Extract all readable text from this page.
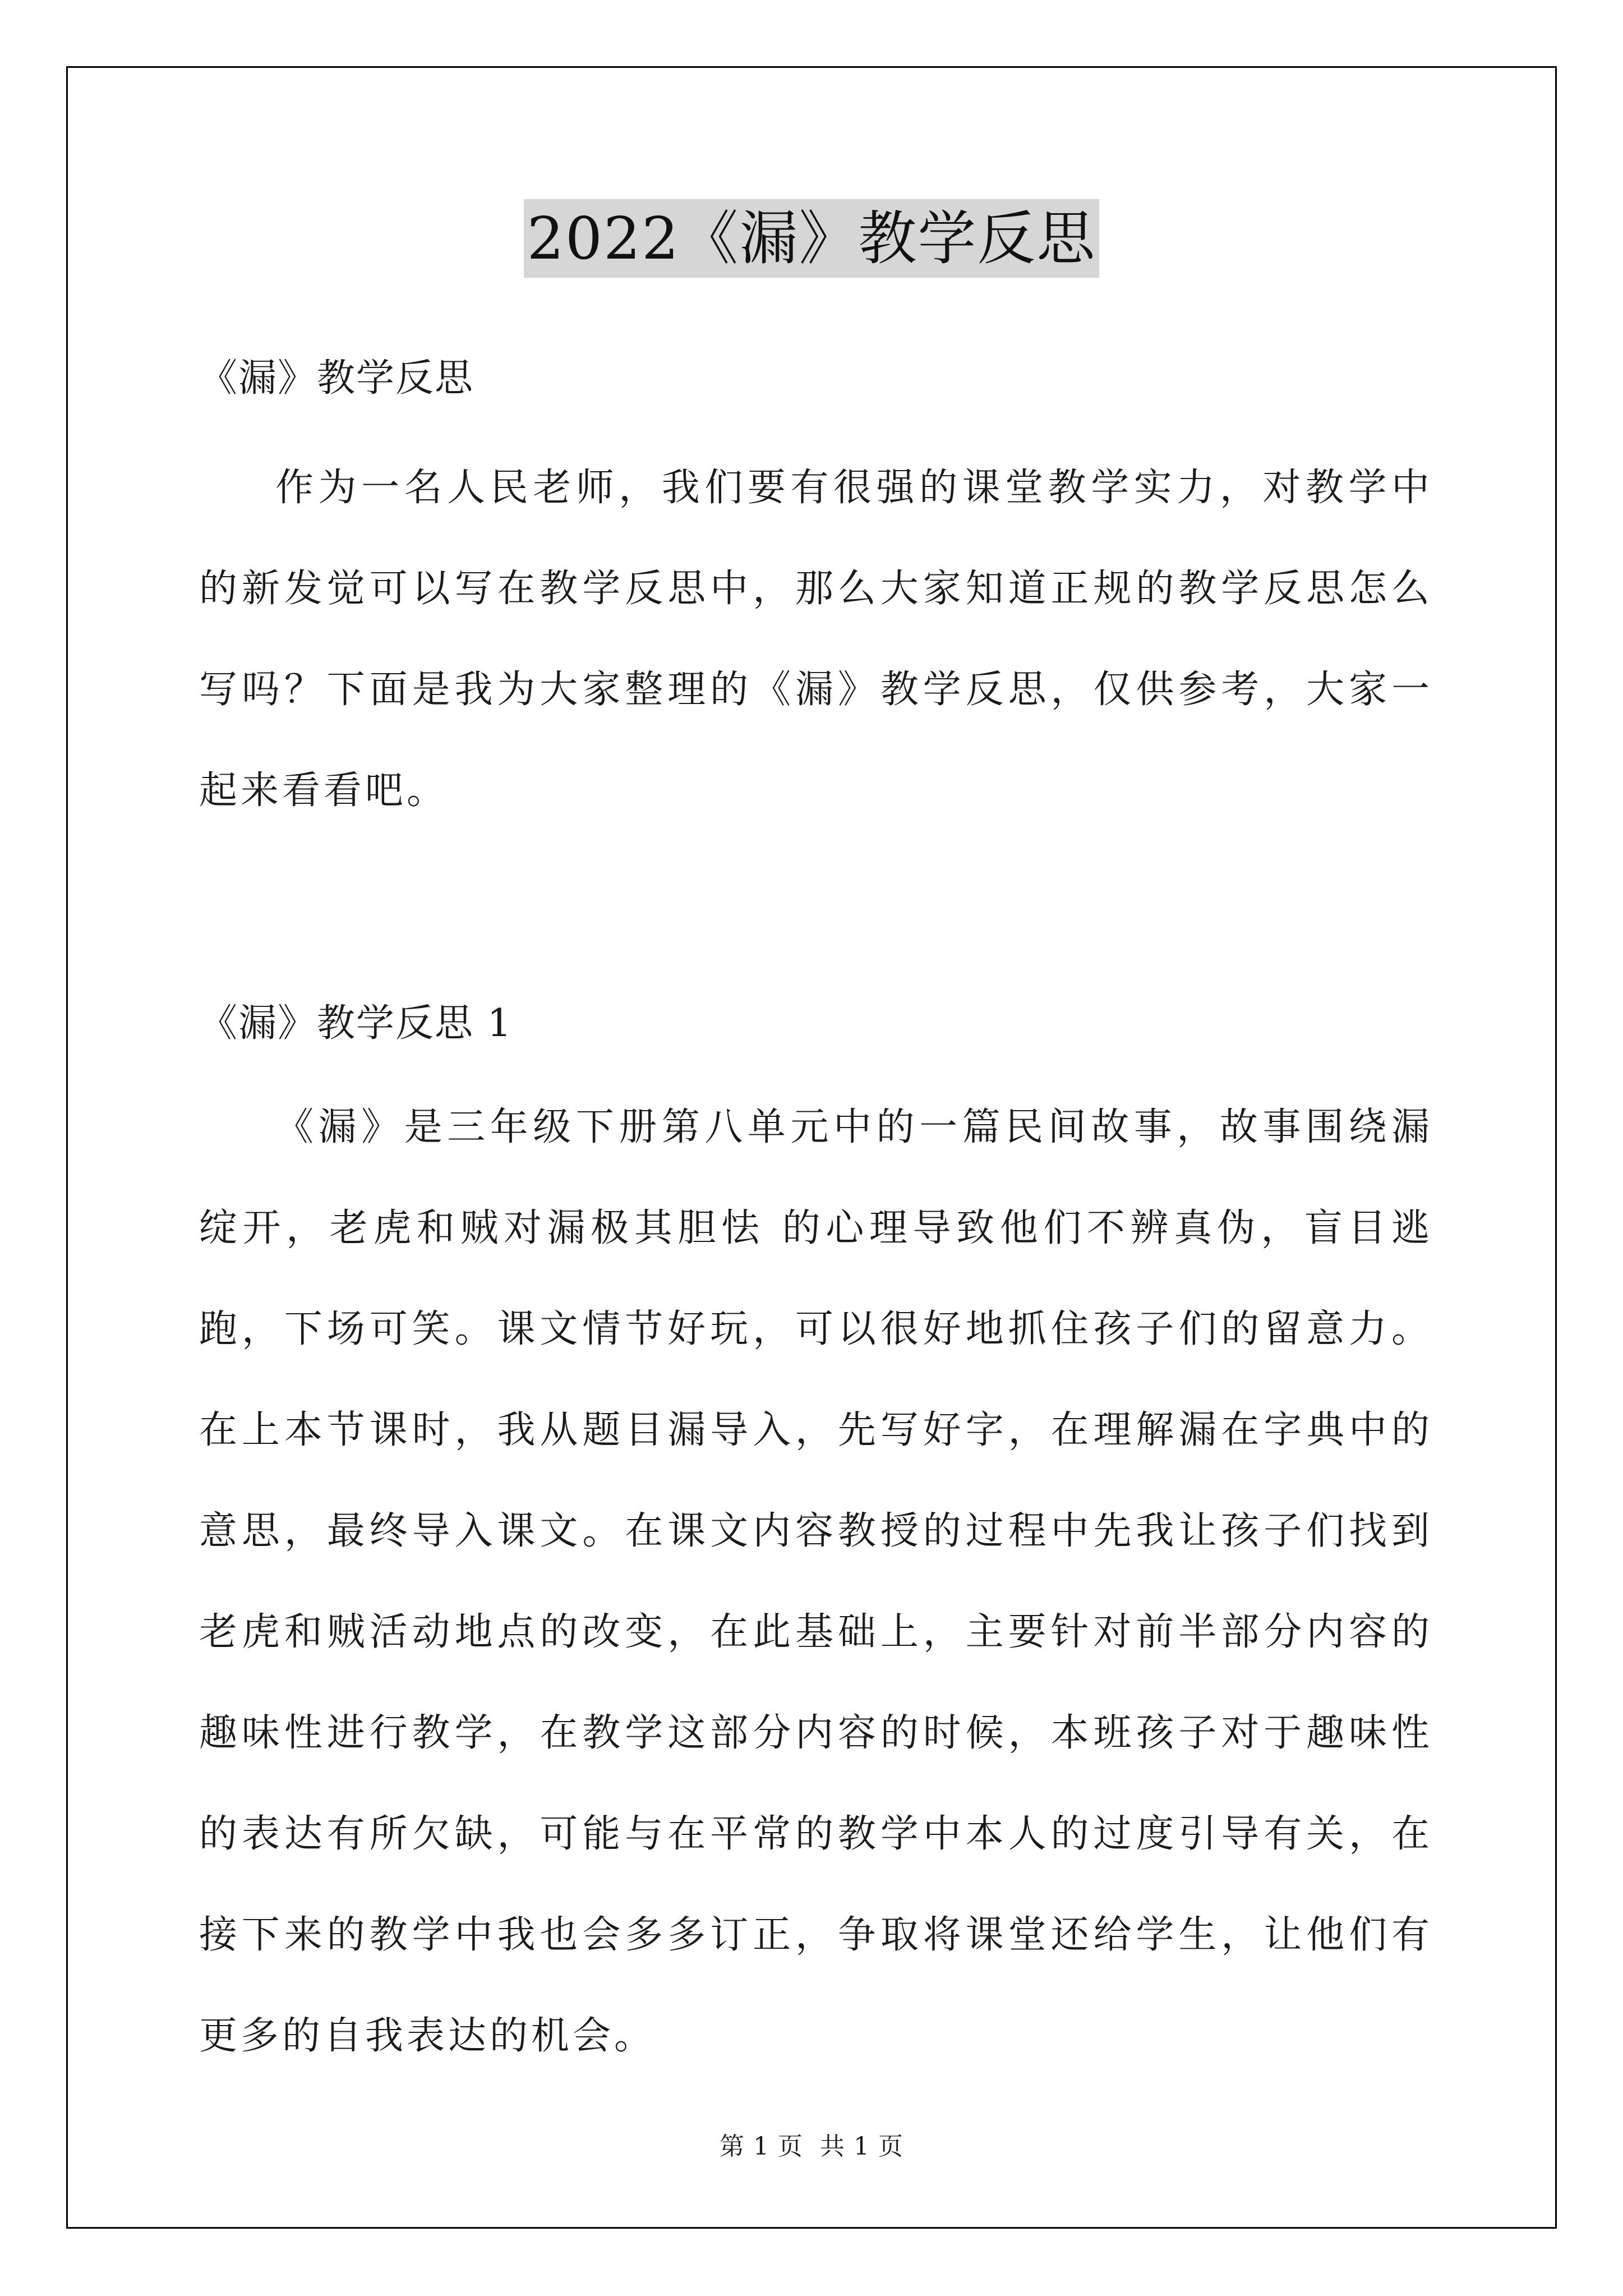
2022《漏》教学反思

《漏》教学反思

作为一名人民老师，我们要有很强的课堂教学实力，对教学中的新发觉可以写在教学反思中，那么大家知道正规的教学反思怎么写吗？下面是我为大家整理的《漏》教学反思，仅供参考，大家一起来看看吧。

《漏》教学反思 1

《漏》是三年级下册第八单元中的一篇民间故事，故事围绕漏绽开，老虎和贼对漏极其胆怯 的心理导致他们不辨真伪，盲目逃跑，下场可笑。课文情节好玩，可以很好地抓住孩子们的留意力。在上本节课时，我从题目漏导入，先写好字，在理解漏在字典中的意思，最终导入课文。在课文内容教授的过程中先我让孩子们找到老虎和贼活动地点的改变，在此基础上，主要针对前半部分内容的趣味性进行教学，在教学这部分内容的时候，本班孩子对于趣味性的表达有所欠缺，可能与在平常的教学中本人的过度引导有关，在接下来的教学中我也会多多订正，争取将课堂还给学生，让他们有更多的自我表达的机会。

第 1 页 共 1 页
